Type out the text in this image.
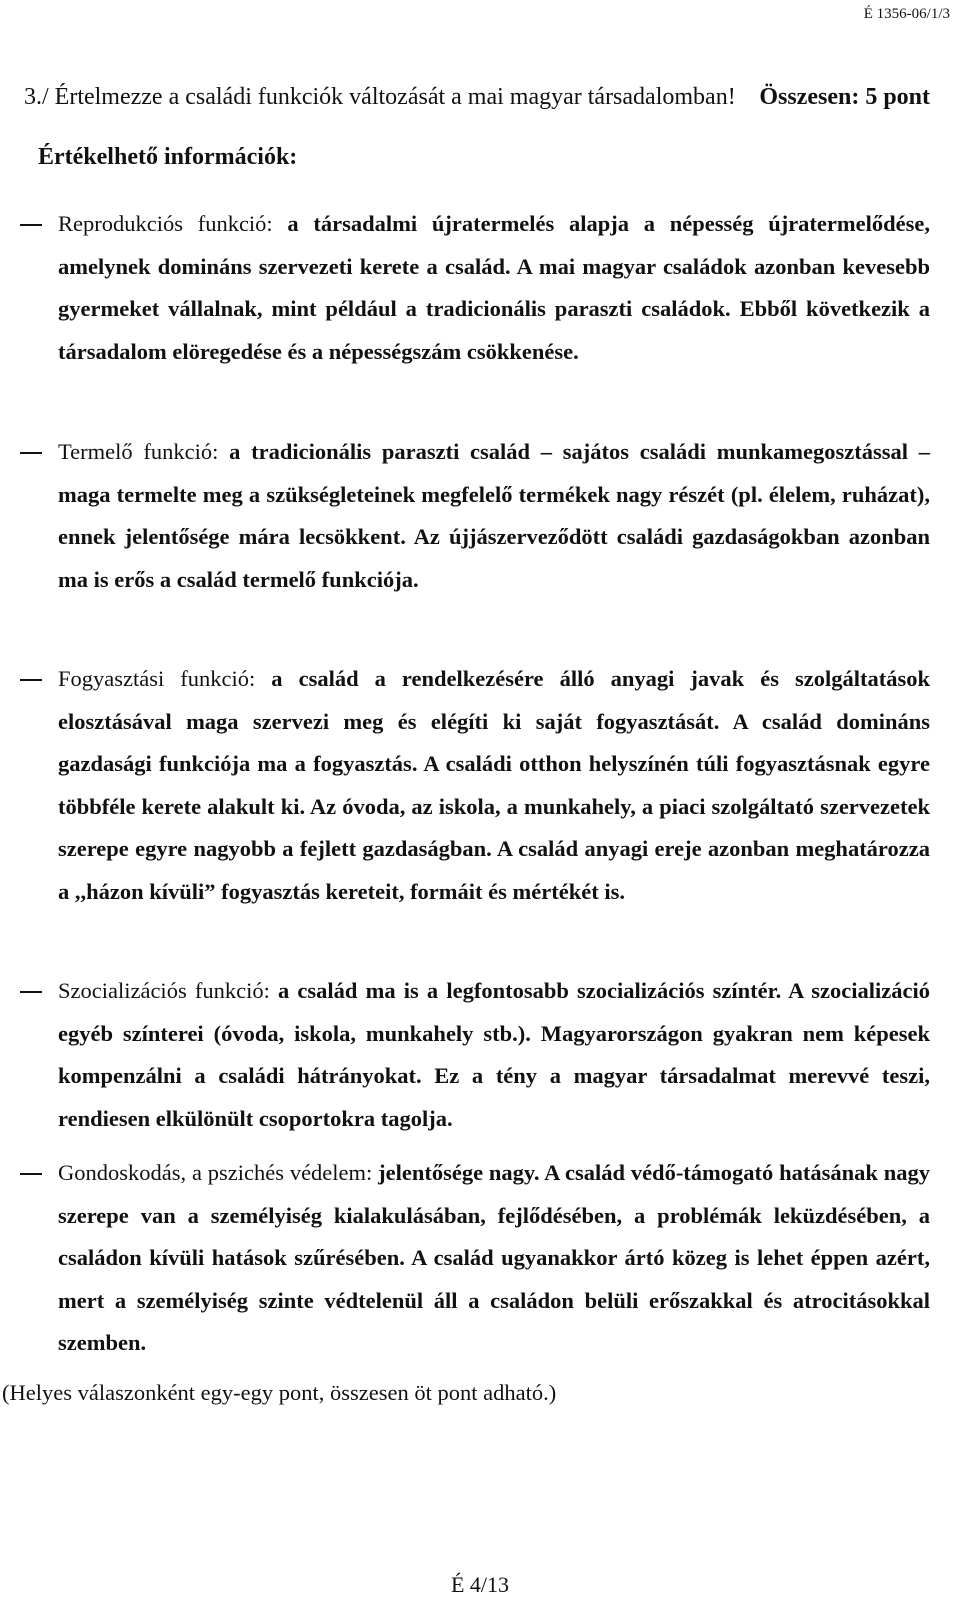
É 1356-06/1/3
3./ Értelmezze a családi funkciók változását a mai magyar társadalomban! Összesen: 5 pont
Értékelhető információk:
Reprodukciós funkció: a társadalmi újratermelés alapja a népesség újratermelődése, amelynek domináns szervezeti kerete a család. A mai magyar családok azonban kevesebb gyermeket vállalnak, mint például a tradicionális paraszti családok. Ebből következik a társadalom elöregedése és a népességszám csökkenése.
Termelő funkció: a tradicionális paraszti család – sajátos családi munkamegosztással – maga termelte meg a szükségleteinek megfelelő termékek nagy részét (pl. élelem, ruházat), ennek jelentősége mára lecsökkent. Az újjászerveződött családi gazdaságokban azonban ma is erős a család termelő funkciója.
Fogyasztási funkció: a család a rendelkezésére álló anyagi javak és szolgáltatások elosztásával maga szervezi meg és elégíti ki saját fogyasztását. A család domináns gazdasági funkciója ma a fogyasztás. A családi otthon helyszínén túli fogyasztásnak egyre többféle kerete alakult ki. Az óvoda, az iskola, a munkahely, a piaci szolgáltató szervezetek szerepe egyre nagyobb a fejlett gazdaságban. A család anyagi ereje azonban meghatározza a ,,házon kívüli” fogyasztás kereteit, formáit és mértékét is.
Szocializációs funkció: a család ma is a legfontosabb szocializációs színtér. A szocializáció egyéb színterei (óvoda, iskola, munkahely stb.). Magyarországon gyakran nem képesek kompenzálni a családi hátrányokat. Ez a tény a magyar társadalmat merevvé teszi, rendiesen elkülönült csoportokra tagolja.
Gondoskodás, a pszichés védelem: jelentősége nagy. A család védő-támogató hatásának nagy szerepe van a személyiség kialakulásában, fejlődésében, a problémák leküzdésében, a családon kívüli hatások szűrésében. A család ugyanakkor ártó közeg is lehet éppen azért, mert a személyiség szinte védtelenül áll a családon belüli erőszakkal és atrocitásokkal szemben.
(Helyes válaszonként egy-egy pont, összesen öt pont adható.)
É 4/13
